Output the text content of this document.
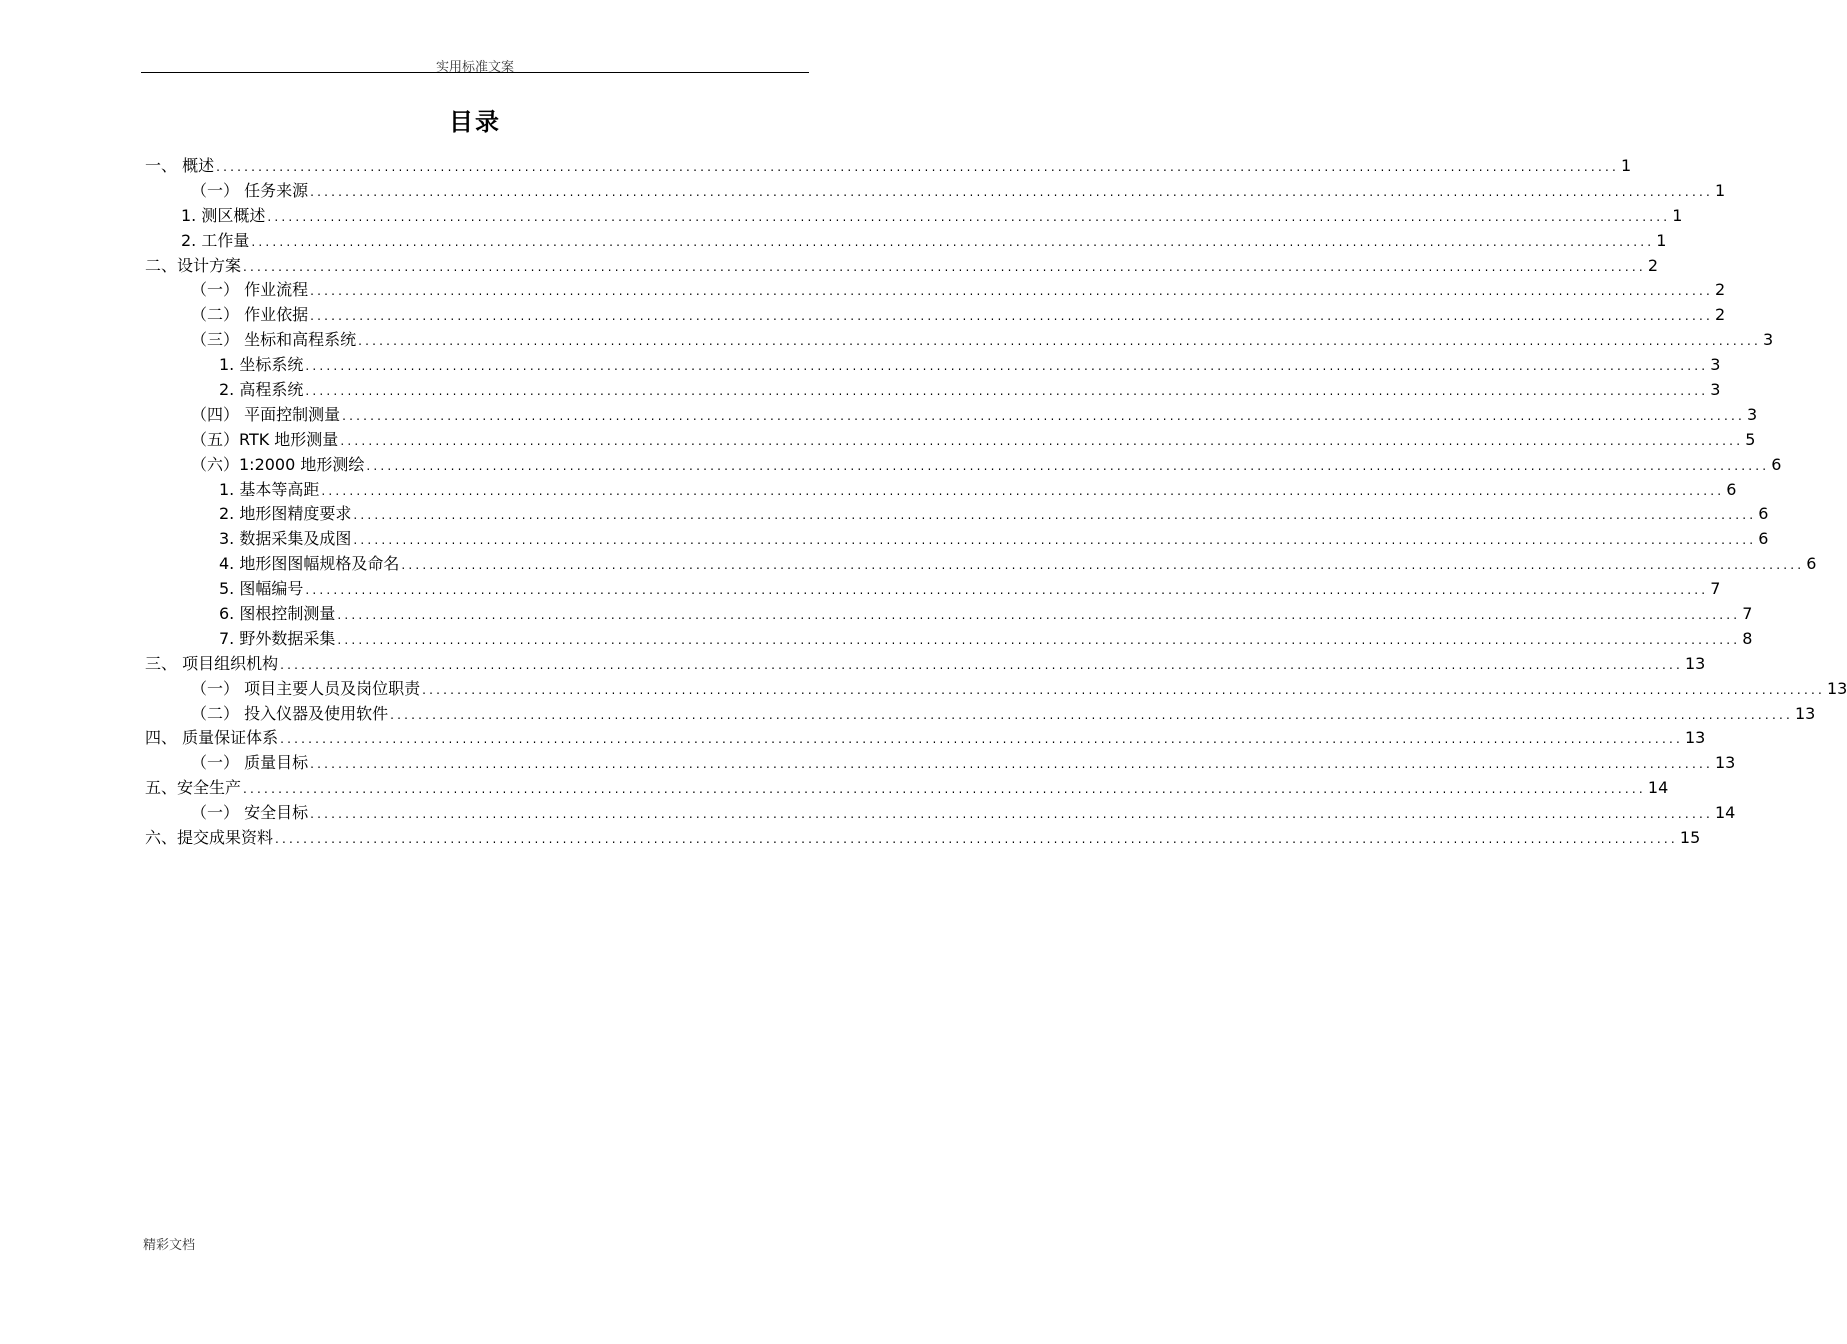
实用标准文案
目录
一、 概述 ........................................................................................................................................................................................................ 1
（一） 任务来源 ........................................................................................................................................................................................................ 1
1. 测区概述 ........................................................................................................................................................................................................ 1
2. 工作量 ........................................................................................................................................................................................................ 1
二、设计方案 ........................................................................................................................................................................................................ 2
（一） 作业流程 ........................................................................................................................................................................................................ 2
（二） 作业依据 ........................................................................................................................................................................................................ 2
（三） 坐标和高程系统 ........................................................................................................................................................................................................ 3
1. 坐标系统 ........................................................................................................................................................................................................ 3
2. 高程系统 ........................................................................................................................................................................................................ 3
（四） 平面控制测量 ........................................................................................................................................................................................................ 3
（五）RTK 地形测量 ........................................................................................................................................................................................................ 5
（六）1:2000 地形测绘 ........................................................................................................................................................................................................ 6
1. 基本等高距 ........................................................................................................................................................................................................ 6
2. 地形图精度要求 ........................................................................................................................................................................................................ 6
3. 数据采集及成图 ........................................................................................................................................................................................................ 6
4. 地形图图幅规格及命名 ........................................................................................................................................................................................................ 6
5. 图幅编号 ........................................................................................................................................................................................................ 7
6. 图根控制测量 ........................................................................................................................................................................................................ 7
7. 野外数据采集 ........................................................................................................................................................................................................ 8
三、 项目组织机构 ........................................................................................................................................................................................................ 13
（一） 项目主要人员及岗位职责 ........................................................................................................................................................................................................ 13
（二） 投入仪器及使用软件 ........................................................................................................................................................................................................ 13
四、 质量保证体系 ........................................................................................................................................................................................................ 13
（一） 质量目标 ........................................................................................................................................................................................................ 13
五、安全生产 ........................................................................................................................................................................................................ 14
（一） 安全目标 ........................................................................................................................................................................................................ 14
六、提交成果资料 ........................................................................................................................................................................................................ 15
精彩文档
